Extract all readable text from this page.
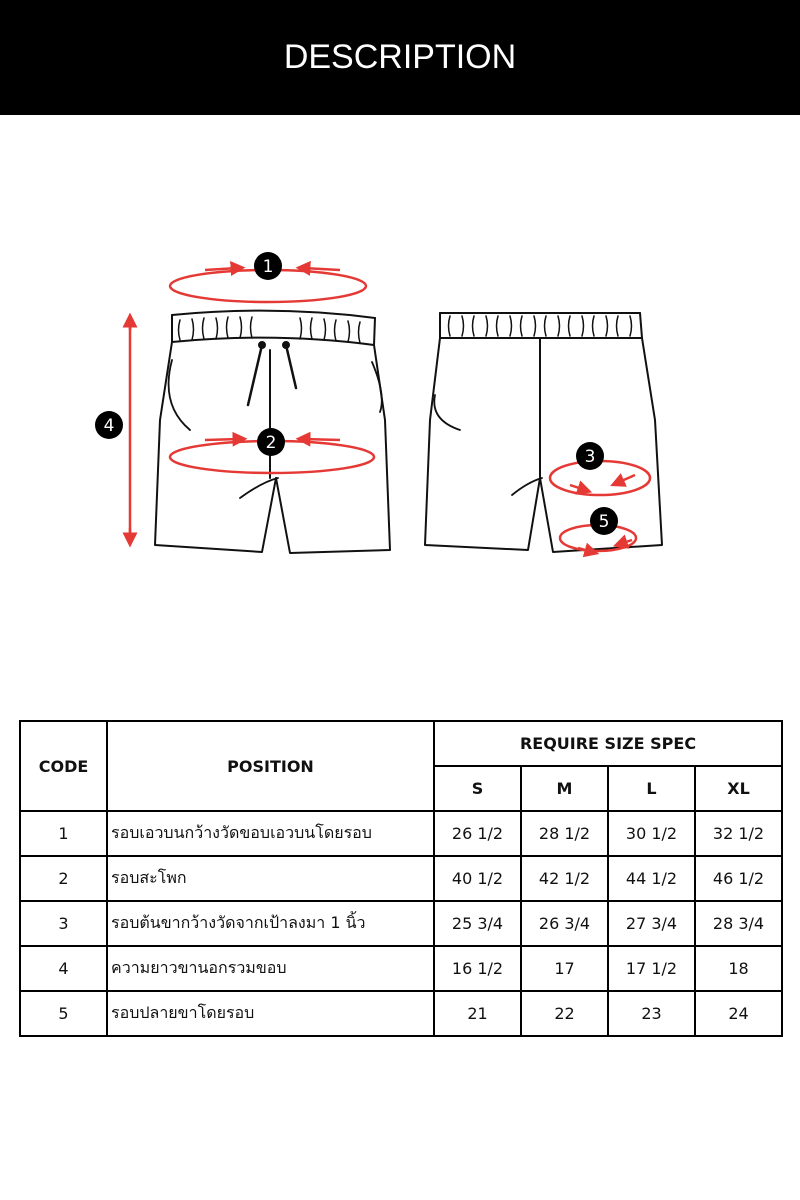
DESCRIPTION
1
2
3
4
5
CODE	POSITION	REQUIRE SIZE SPEC			
		S	M	L	XL
1	รอบเอวบนกว้างวัดขอบเอวบนโดยรอบ	26 1/2	28 1/2	30 1/2	32 1/2
2	รอบสะโพก	40 1/2	42 1/2	44 1/2	46 1/2
3	รอบต้นขากว้างวัดจากเป้าลงมา 1 นิ้ว	25 3/4	26 3/4	27 3/4	28 3/4
4	ความยาวขานอกรวมขอบ	16 1/2	17	17 1/2	18
5	รอบปลายขาโดยรอบ	21	22	23	24
